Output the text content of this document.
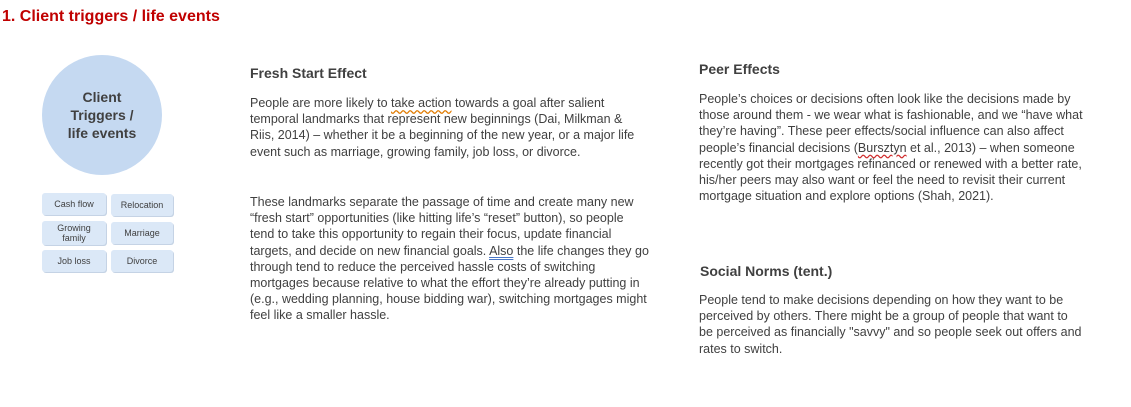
1. Client triggers / life events
Client Triggers / life events
Cash flow	Relocation
Growing family	Marriage
Job loss	Divorce
Fresh Start Effect

People are more likely to take action towards a goal after salient temporal landmarks that represent new beginnings (Dai, Milkman & Riis, 2014) – whether it be a beginning of the new year, or a major life event such as marriage, growing family, job loss, or divorce.

These landmarks separate the passage of time and create many new “fresh start” opportunities (like hitting life’s “reset” button), so people tend to take this opportunity to regain their focus, update financial targets, and decide on new financial goals. Also the life changes they go through tend to reduce the perceived hassle costs of switching mortgages because relative to what the effort they’re already putting in (e.g., wedding planning, house bidding war), switching mortgages might feel like a smaller hassle.

Peer Effects

People’s choices or decisions often look like the decisions made by those around them - we wear what is fashionable, and we “have what they’re having”. These peer effects/social influence can also affect people’s financial decisions (Bursztyn et al., 2013) – when someone recently got their mortgages refinanced or renewed with a better rate, his/her peers may also want or feel the need to revisit their current mortgage situation and explore options (Shah, 2021).

Social Norms (tent.)

People tend to make decisions depending on how they want to be perceived by others. There might be a group of people that want to be perceived as financially "savvy" and so people seek out offers and rates to switch.
